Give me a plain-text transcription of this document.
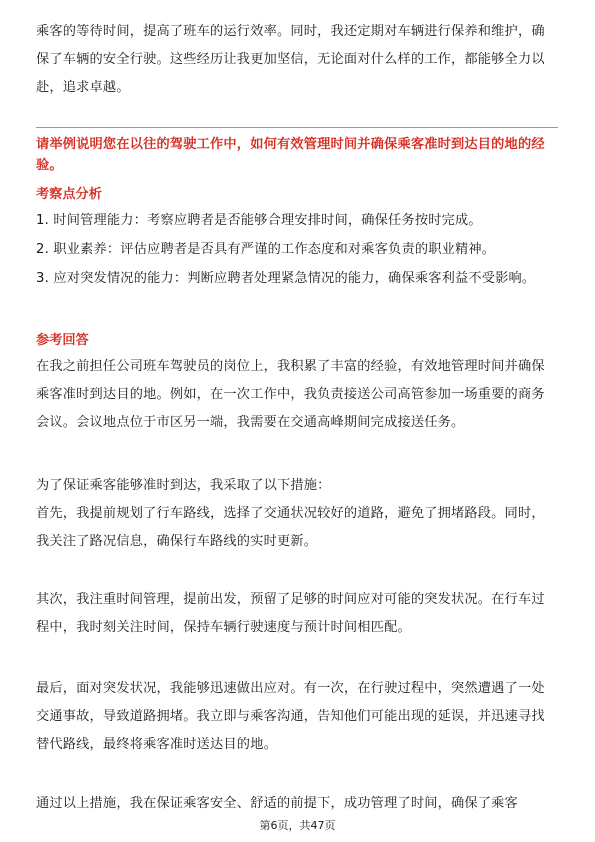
乘客的等待时间，提高了班车的运行效率。同时，我还定期对车辆进行保养和维护，确保了车辆的安全行驶。这些经历让我更加坚信，无论面对什么样的工作，都能够全力以赴，追求卓越。
请举例说明您在以往的驾驶工作中，如何有效管理时间并确保乘客准时到达目的地的经验。
考察点分析
1. 时间管理能力：考察应聘者是否能够合理安排时间，确保任务按时完成。
2. 职业素养：评估应聘者是否具有严谨的工作态度和对乘客负责的职业精神。
3. 应对突发情况的能力：判断应聘者处理紧急情况的能力，确保乘客利益不受影响。
参考回答
在我之前担任公司班车驾驶员的岗位上，我积累了丰富的经验，有效地管理时间并确保乘客准时到达目的地。例如，在一次工作中，我负责接送公司高管参加一场重要的商务会议。会议地点位于市区另一端，我需要在交通高峰期间完成接送任务。
为了保证乘客能够准时到达，我采取了以下措施：
首先，我提前规划了行车路线，选择了交通状况较好的道路，避免了拥堵路段。同时，我关注了路况信息，确保行车路线的实时更新。
其次，我注重时间管理，提前出发，预留了足够的时间应对可能的突发状况。在行车过程中，我时刻关注时间，保持车辆行驶速度与预计时间相匹配。
最后，面对突发状况，我能够迅速做出应对。有一次，在行驶过程中，突然遭遇了一处交通事故，导致道路拥堵。我立即与乘客沟通，告知他们可能出现的延误，并迅速寻找替代路线，最终将乘客准时送达目的地。
通过以上措施，我在保证乘客安全、舒适的前提下，成功管理了时间，确保了乘客
第6页，共47页
